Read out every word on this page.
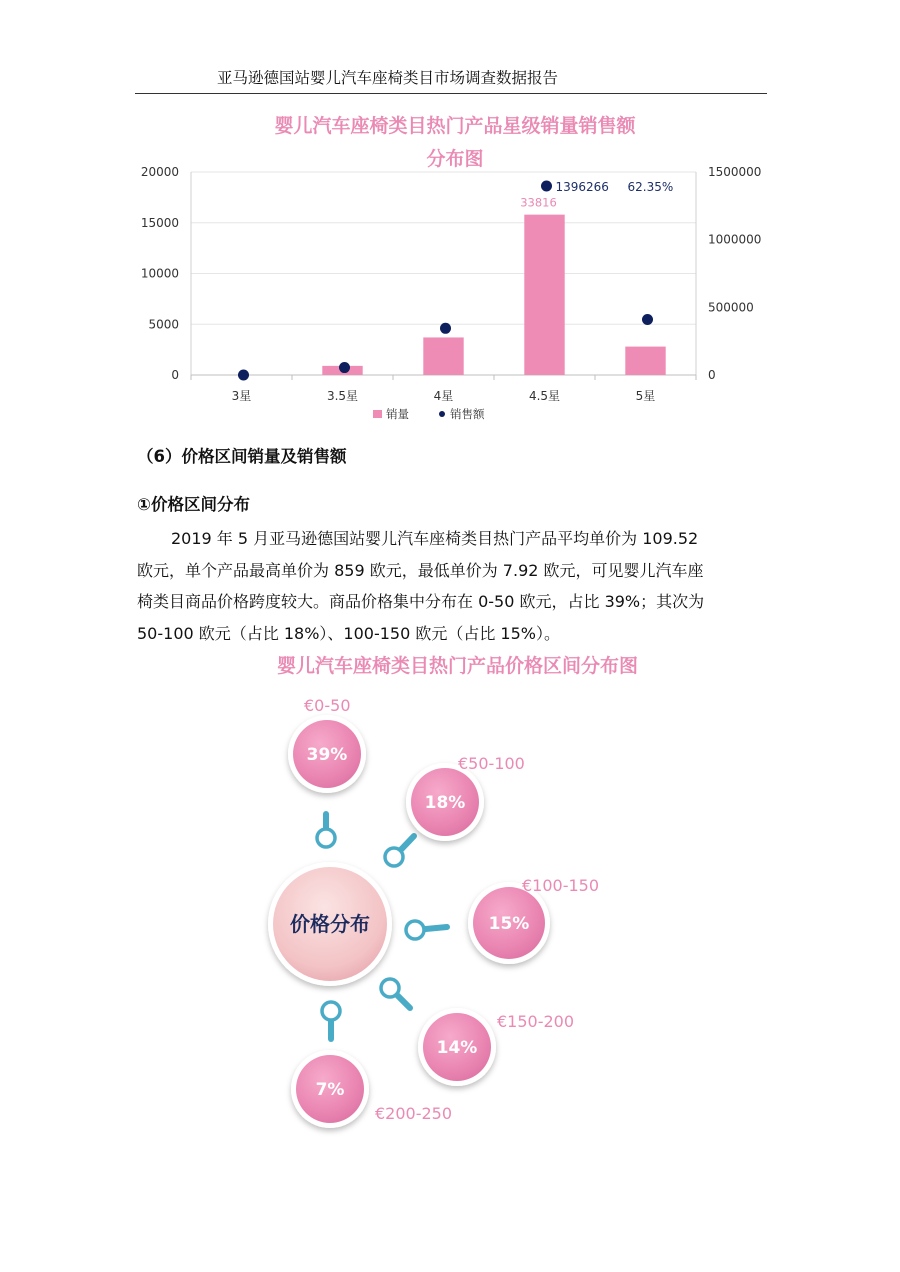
亚马逊德国站婴儿汽车座椅类目市场调查数据报告
婴儿汽车座椅类目热门产品星级销量销售额
分布图
0
5000
10000
15000
20000
0
500000
1000000
1500000
3星	3.5星	4星	4.5星	5星
33816
1396266 62.35%
销量	销售额
（6）价格区间销量及销售额
①价格区间分布
2019 年 5 月亚马逊德国站婴儿汽车座椅类目热门产品平均单价为 109.52
欧元，单个产品最高单价为 859 欧元，最低单价为 7.92 欧元，可见婴儿汽车座
椅类目商品价格跨度较大。商品价格集中分布在 0-50 欧元，占比 39%；其次为
50-100 欧元（占比 18%）、100-150 欧元（占比 15%）。
婴儿汽车座椅类目热门产品价格区间分布图
价格分布
39%
€0-50
18%
€50-100
15%
€100-150
14%
€150-200
7%
€200-250
